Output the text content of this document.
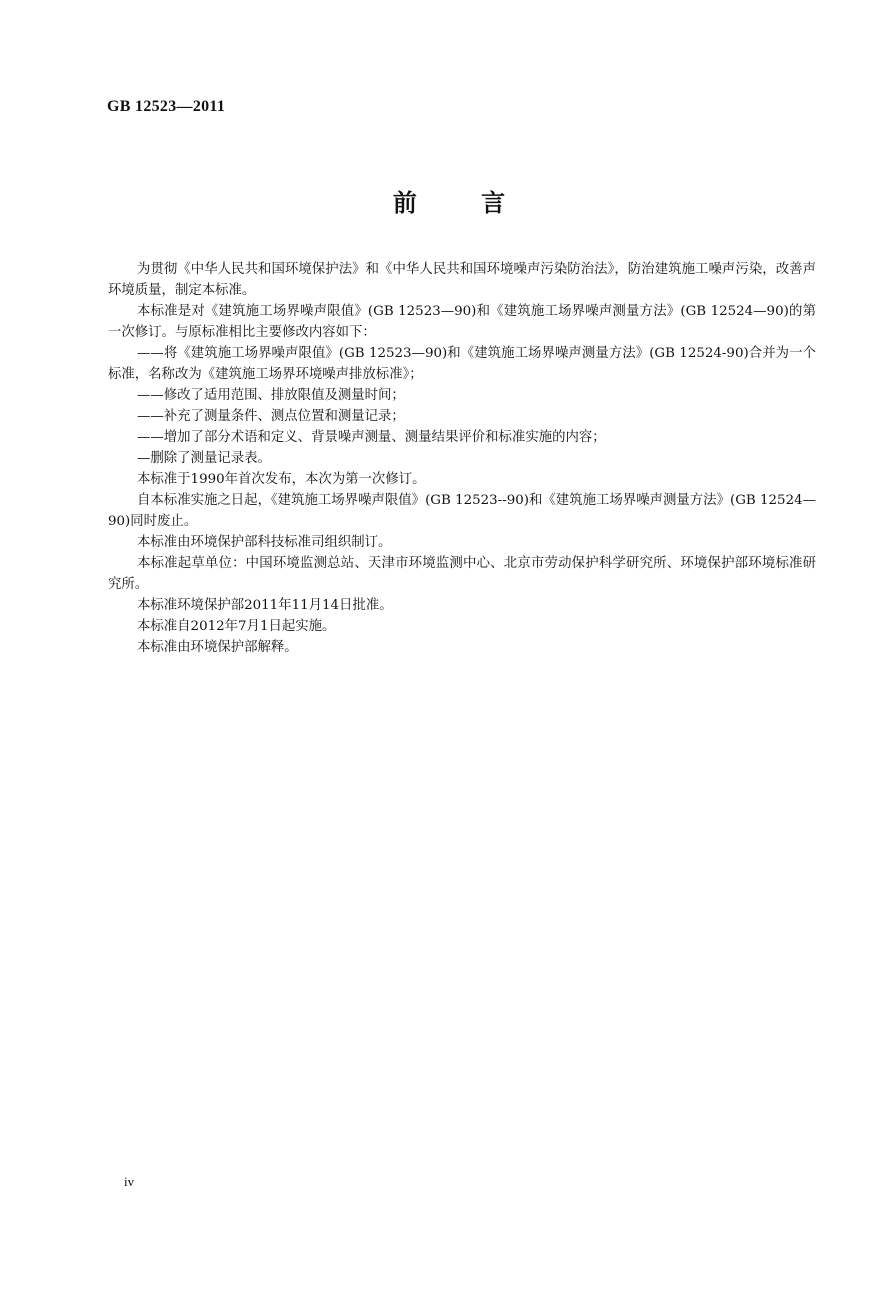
GB 12523—2011
前 言

为贯彻《中华人民共和国环境保护法》和《中华人民共和国环境噪声污染防治法》，防治建筑施工噪声污染，改善声环境质量，制定本标准。

本标准是对《建筑施工场界噪声限值》(GB 12523—90)和《建筑施工场界噪声测量方法》(GB 12524—90)的第一次修订。与原标准相比主要修改内容如下：

——将《建筑施工场界噪声限值》(GB 12523—90)和《建筑施工场界噪声测量方法》(GB 12524-90)合并为一个标准，名称改为《建筑施工场界环境噪声排放标准》；

——修改了适用范围、排放限值及测量时间；

——补充了测量条件、测点位置和测量记录；

——增加了部分术语和定义、背景噪声测量、测量结果评价和标准实施的内容；

—删除了测量记录表。

本标准于1990年首次发布，本次为第一次修订。

自本标准实施之日起，《建筑施工场界噪声限值》(GB 12523--90)和《建筑施工场界噪声测量方法》(GB 12524—90)同时废止。

本标准由环境保护部科技标准司组织制订。

本标准起草单位：中国环境监测总站、天津市环境监测中心、北京市劳动保护科学研究所、环境保护部环境标准研究所。

本标准环境保护部2011年11月14日批准。

本标准自2012年7月1日起实施。

本标准由环境保护部解释。

iv
